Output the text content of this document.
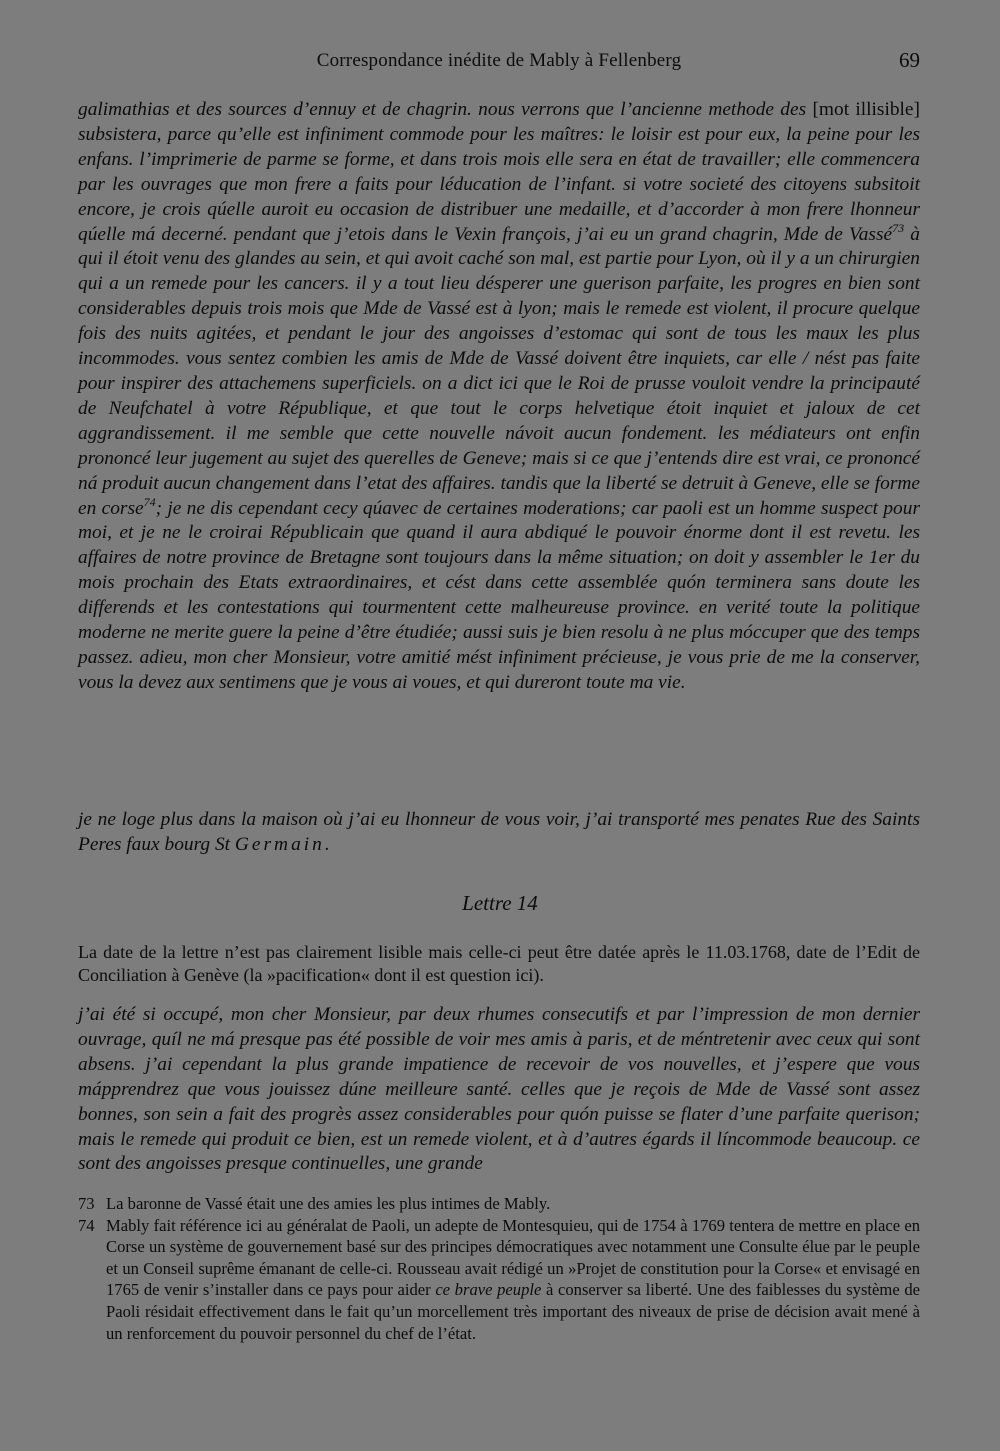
Correspondance inédite de Mably à Fellenberg	69
galimathias et des sources d’ennuy et de chagrin. nous verrons que l’ancienne methode des [mot illisible] subsistera, parce qu’elle est infiniment commode pour les maîtres: le loisir est pour eux, la peine pour les enfans. l’imprimerie de parme se forme, et dans trois mois elle sera en état de travailler; elle commencera par les ouvrages que mon frere a faits pour léducation de l’infant. si votre societé des citoyens subsitoit encore, je crois qúelle auroit eu occasion de distribuer une medaille, et d’accorder à mon frere lhonneur qúelle má decerné. pendant que j’etois dans le Vexin françois, j’ai eu un grand chagrin, Mde de Vassé$^{73}$ à qui il étoit venu des glandes au sein, et qui avoit caché son mal, est partie pour Lyon, où il y a un chirurgien qui a un remede pour les cancers. il y a tout lieu désperer une guerison parfaite, les progres en bien sont considerables depuis trois mois que Mde de Vassé est à lyon; mais le remede est violent, il procure quelque fois des nuits agitées, et pendant le jour des angoisses d’estomac qui sont de tous les maux les plus incommodes. vous sentez combien les amis de Mde de Vassé doivent être inquiets, car elle / nést pas faite pour inspirer des attachemens superficiels. on a dict ici que le Roi de prusse vouloit vendre la principauté de Neufchatel à votre République, et que tout le corps helvetique étoit inquiet et jaloux de cet aggrandissement. il me semble que cette nouvelle návoit aucun fondement. les médiateurs ont enfin prononcé leur jugement au sujet des querelles de Geneve; mais si ce que j’entends dire est vrai, ce prononcé ná produit aucun changement dans l’etat des affaires. tandis que la liberté se detruit à Geneve, elle se forme en corse$^{74}$; je ne dis cependant cecy qúavec de certaines moderations; car paoli est un homme suspect pour moi, et je ne le croirai Républicain que quand il aura abdiqué le pouvoir énorme dont il est revetu. les affaires de notre province de Bretagne sont toujours dans la même situation; on doit y assembler le 1er du mois prochain des Etats extraordinaires, et cést dans cette assemblée quón terminera sans doute les differends et les contestations qui tourmentent cette malheureuse province. en verité toute la politique moderne ne merite guere la peine d’être étudiée; aussi suis je bien resolu à ne plus móccuper que des temps passez. adieu, mon cher Monsieur, votre amitié mést infiniment précieuse, je vous prie de me la conserver, vous la devez aux sentimens que je vous ai voues, et qui dureront toute ma vie.
je ne loge plus dans la maison où j’ai eu lhonneur de vous voir, j’ai transporté mes penates Rue des Saints Peres faux bourg St Germain.
Lettre 14
La date de la lettre n’est pas clairement lisible mais celle-ci peut être datée après le 11.03.1768, date de l’Edit de Conciliation à Genève (la »pacification« dont il est question ici).
j’ai été si occupé, mon cher Monsieur, par deux rhumes consecutifs et par l’impression de mon dernier ouvrage, quíl ne má presque pas été possible de voir mes amis à paris, et de méntretenir avec ceux qui sont absens. j’ai cependant la plus grande impatience de recevoir de vos nouvelles, et j’espere que vous mápprendrez que vous jouissez dúne meilleure santé. celles que je reçois de Mde de Vassé sont assez bonnes, son sein a fait des progrès assez considerables pour quón puisse se flater d’une parfaite querison; mais le remede qui produit ce bien, est un remede violent, et à d’autres égards il líncommode beaucoup. ce sont des angoisses presque continuelles, une grande
73 La baronne de Vassé était une des amies les plus intimes de Mably.
74 Mably fait référence ici au généralat de Paoli, un adepte de Montesquieu, qui de 1754 à 1769 tentera de mettre en place en Corse un système de gouvernement basé sur des principes démocratiques avec notamment une Consulte élue par le peuple et un Conseil suprême émanant de celle-ci. Rousseau avait rédigé un »Projet de constitution pour la Corse« et envisagé en 1765 de venir s’installer dans ce pays pour aider ce brave peuple à conserver sa liberté. Une des faiblesses du système de Paoli résidait effectivement dans le fait qu’un morcellement très important des niveaux de prise de décision avait mené à un renforcement du pouvoir personnel du chef de l’état.
